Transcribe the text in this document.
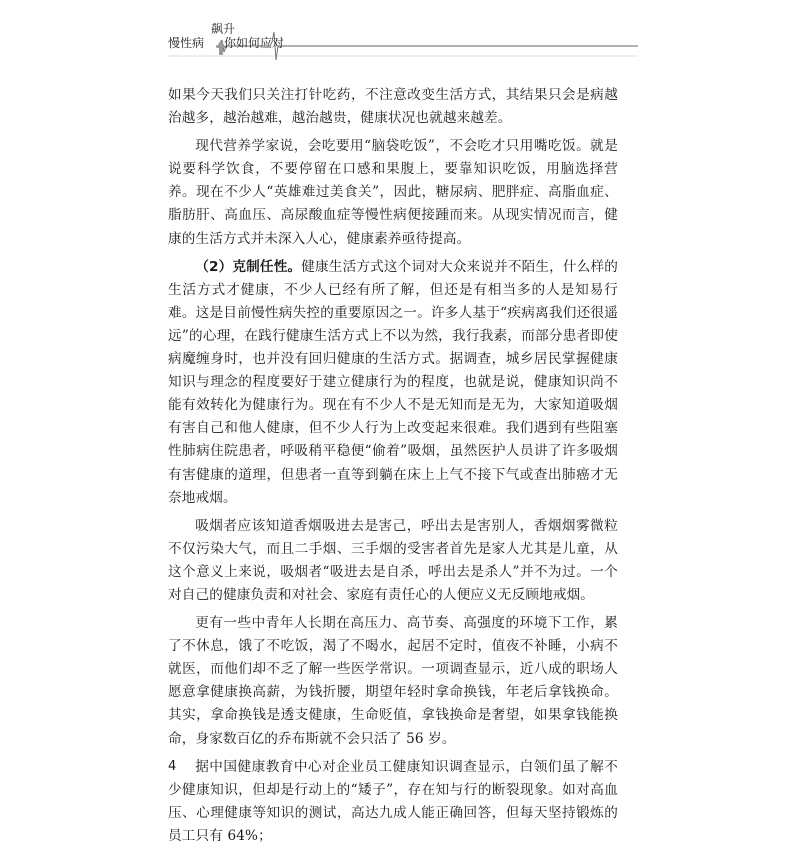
慢性病
飙升
你如何应对

如果今天我们只关注打针吃药，不注意改变生活方式，其结果只会是病越治越多，越治越难，越治越贵，健康状况也就越来越差。

现代营养学家说，会吃要用“脑袋吃饭”，不会吃才只用嘴吃饭。就是说要科学饮食，不要停留在口感和果腹上，要靠知识吃饭，用脑选择营养。现在不少人“英雄难过美食关”，因此，糖尿病、肥胖症、高脂血症、脂肪肝、高血压、高尿酸血症等慢性病便接踵而来。从现实情况而言，健康的生活方式并未深入人心，健康素养亟待提高。

（2）克制任性。健康生活方式这个词对大众来说并不陌生，什么样的生活方式才健康，不少人已经有所了解，但还是有相当多的人是知易行难。这是目前慢性病失控的重要原因之一。许多人基于“疾病离我们还很遥远”的心理，在践行健康生活方式上不以为然，我行我素，而部分患者即使病魔缠身时，也并没有回归健康的生活方式。据调查，城乡居民掌握健康知识与理念的程度要好于建立健康行为的程度，也就是说，健康知识尚不能有效转化为健康行为。现在有不少人不是无知而是无为，大家知道吸烟有害自己和他人健康，但不少人行为上改变起来很难。我们遇到有些阻塞性肺病住院患者，呼吸稍平稳便“偷着”吸烟，虽然医护人员讲了许多吸烟有害健康的道理，但患者一直等到躺在床上上气不接下气或查出肺癌才无奈地戒烟。

吸烟者应该知道香烟吸进去是害己，呼出去是害别人，香烟烟雾微粒不仅污染大气，而且二手烟、三手烟的受害者首先是家人尤其是儿童，从这个意义上来说，吸烟者“吸进去是自杀，呼出去是杀人”并不为过。一个对自己的健康负责和对社会、家庭有责任心的人便应义无反顾地戒烟。

更有一些中青年人长期在高压力、高节奏、高强度的环境下工作，累了不休息，饿了不吃饭，渴了不喝水，起居不定时，值夜不补睡，小病不就医，而他们却不乏了解一些医学常识。一项调查显示，近八成的职场人愿意拿健康换高薪，为钱折腰，期望年轻时拿命换钱，年老后拿钱换命。其实，拿命换钱是透支健康，生命贬值，拿钱换命是奢望，如果拿钱能换命，身家数百亿的乔布斯就不会只活了 56 岁。

据中国健康教育中心对企业员工健康知识调查显示，白领们虽了解不少健康知识，但却是行动上的“矮子”，存在知与行的断裂现象。如对高血压、心理健康等知识的测试，高达九成人能正确回答，但每天坚持锻炼的员工只有 64%；

4
